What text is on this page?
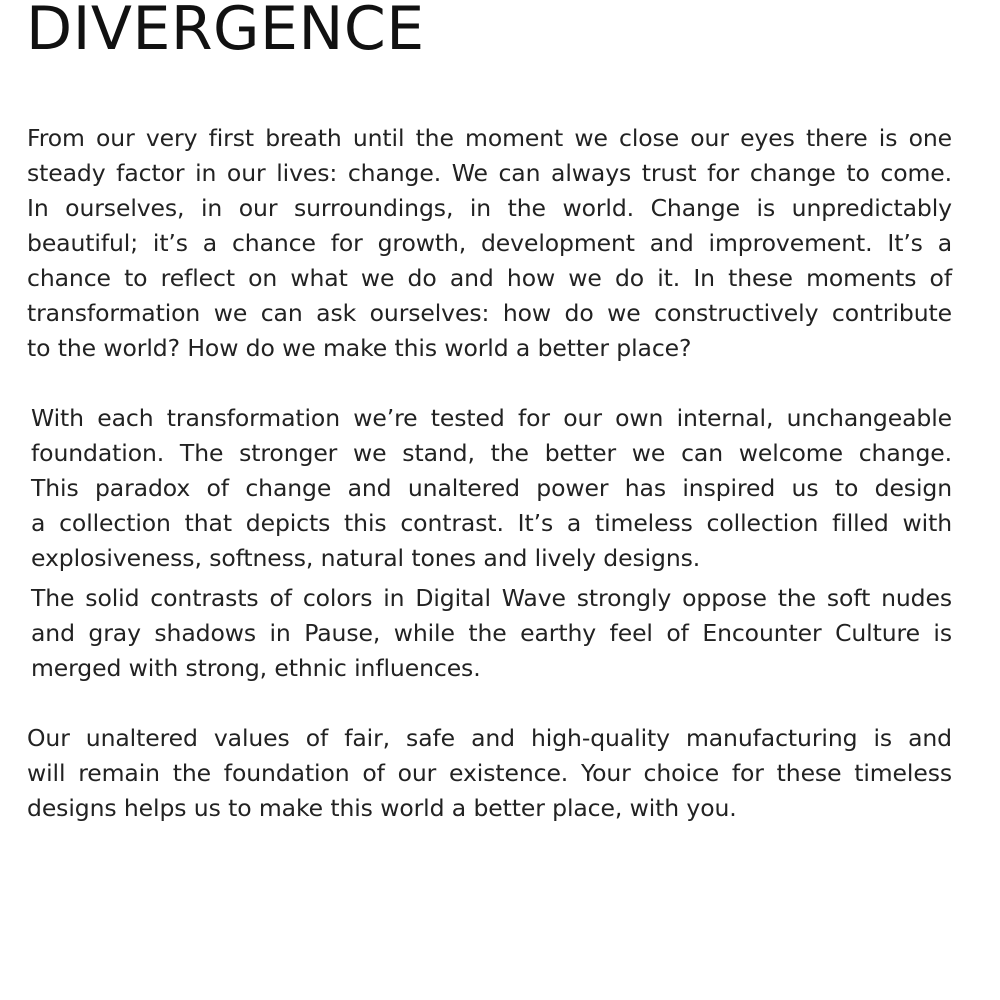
DIVERGENCE

From our very first breath until the moment we close our eyes there is one
steady factor in our lives: change. We can always trust for change to come.
In ourselves, in our surroundings, in the world. Change is unpredictably
beautiful; it’s a chance for growth, development and improvement. It’s a
chance to reflect on what we do and how we do it. In these moments of
transformation we can ask ourselves: how do we constructively contribute
to the world? How do we make this world a better place?

With each transformation we’re tested for our own internal, unchangeable
foundation. The stronger we stand, the better we can welcome change.
This paradox of change and unaltered power has inspired us to design
a collection that depicts this contrast. It’s a timeless collection filled with
explosiveness, softness, natural tones and lively designs.

The solid contrasts of colors in Digital Wave strongly oppose the soft nudes
and gray shadows in Pause, while the earthy feel of Encounter Culture is
merged with strong, ethnic influences.

Our unaltered values of fair, safe and high-quality manufacturing is and
will remain the foundation of our existence. Your choice for these timeless
designs helps us to make this world a better place, with you.
